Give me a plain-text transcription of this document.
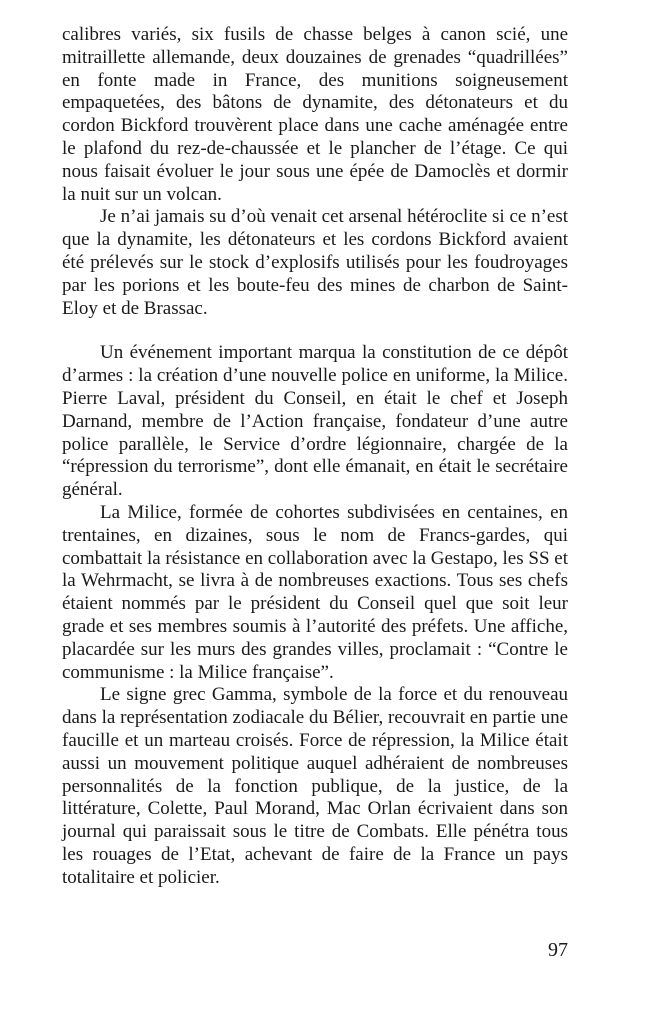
calibres variés, six fusils de chasse belges à canon scié, une mitraillette allemande, deux douzaines de grenades “quadrillées” en fonte made in France, des munitions soigneusement empaquetées, des bâtons de dynamite, des détonateurs et du cordon Bickford trouvèrent place dans une cache aménagée entre le plafond du rez-de-chaussée et le plancher de l’étage. Ce qui nous faisait évoluer le jour sous une épée de Damoclès et dormir la nuit sur un volcan.

Je n’ai jamais su d’où venait cet arsenal hétéroclite si ce n’est que la dynamite, les détonateurs et les cordons Bickford avaient été prélevés sur le stock d’explosifs utilisés pour les foudroyages par les porions et les boute-feu des mines de charbon de Saint-Eloy et de Brassac.

Un événement important marqua la constitution de ce dépôt d’armes : la création d’une nouvelle police en uniforme, la Milice. Pierre Laval, président du Conseil, en était le chef et Joseph Darnand, membre de l’Action française, fondateur d’une autre police parallèle, le Service d’ordre légionnaire, chargée de la “répression du terrorisme”, dont elle émanait, en était le secrétaire général.

La Milice, formée de cohortes subdivisées en centaines, en trentaines, en dizaines, sous le nom de Francs-gardes, qui combattait la résistance en collaboration avec la Gestapo, les SS et la Wehrmacht, se livra à de nombreuses exactions. Tous ses chefs étaient nommés par le président du Conseil quel que soit leur grade et ses membres soumis à l’autorité des préfets. Une affiche, placardée sur les murs des grandes villes, proclamait : “Contre le communisme : la Milice française”.

Le signe grec Gamma, symbole de la force et du renouveau dans la représentation zodiacale du Bélier, recouvrait en partie une faucille et un marteau croisés. Force de répression, la Milice était aussi un mouvement politique auquel adhéraient de nombreuses personnalités de la fonction publique, de la justice, de la littérature, Colette, Paul Morand, Mac Orlan écrivaient dans son journal qui paraissait sous le titre de Combats. Elle pénétra tous les rouages de l’Etat, achevant de faire de la France un pays totalitaire et policier.

97
